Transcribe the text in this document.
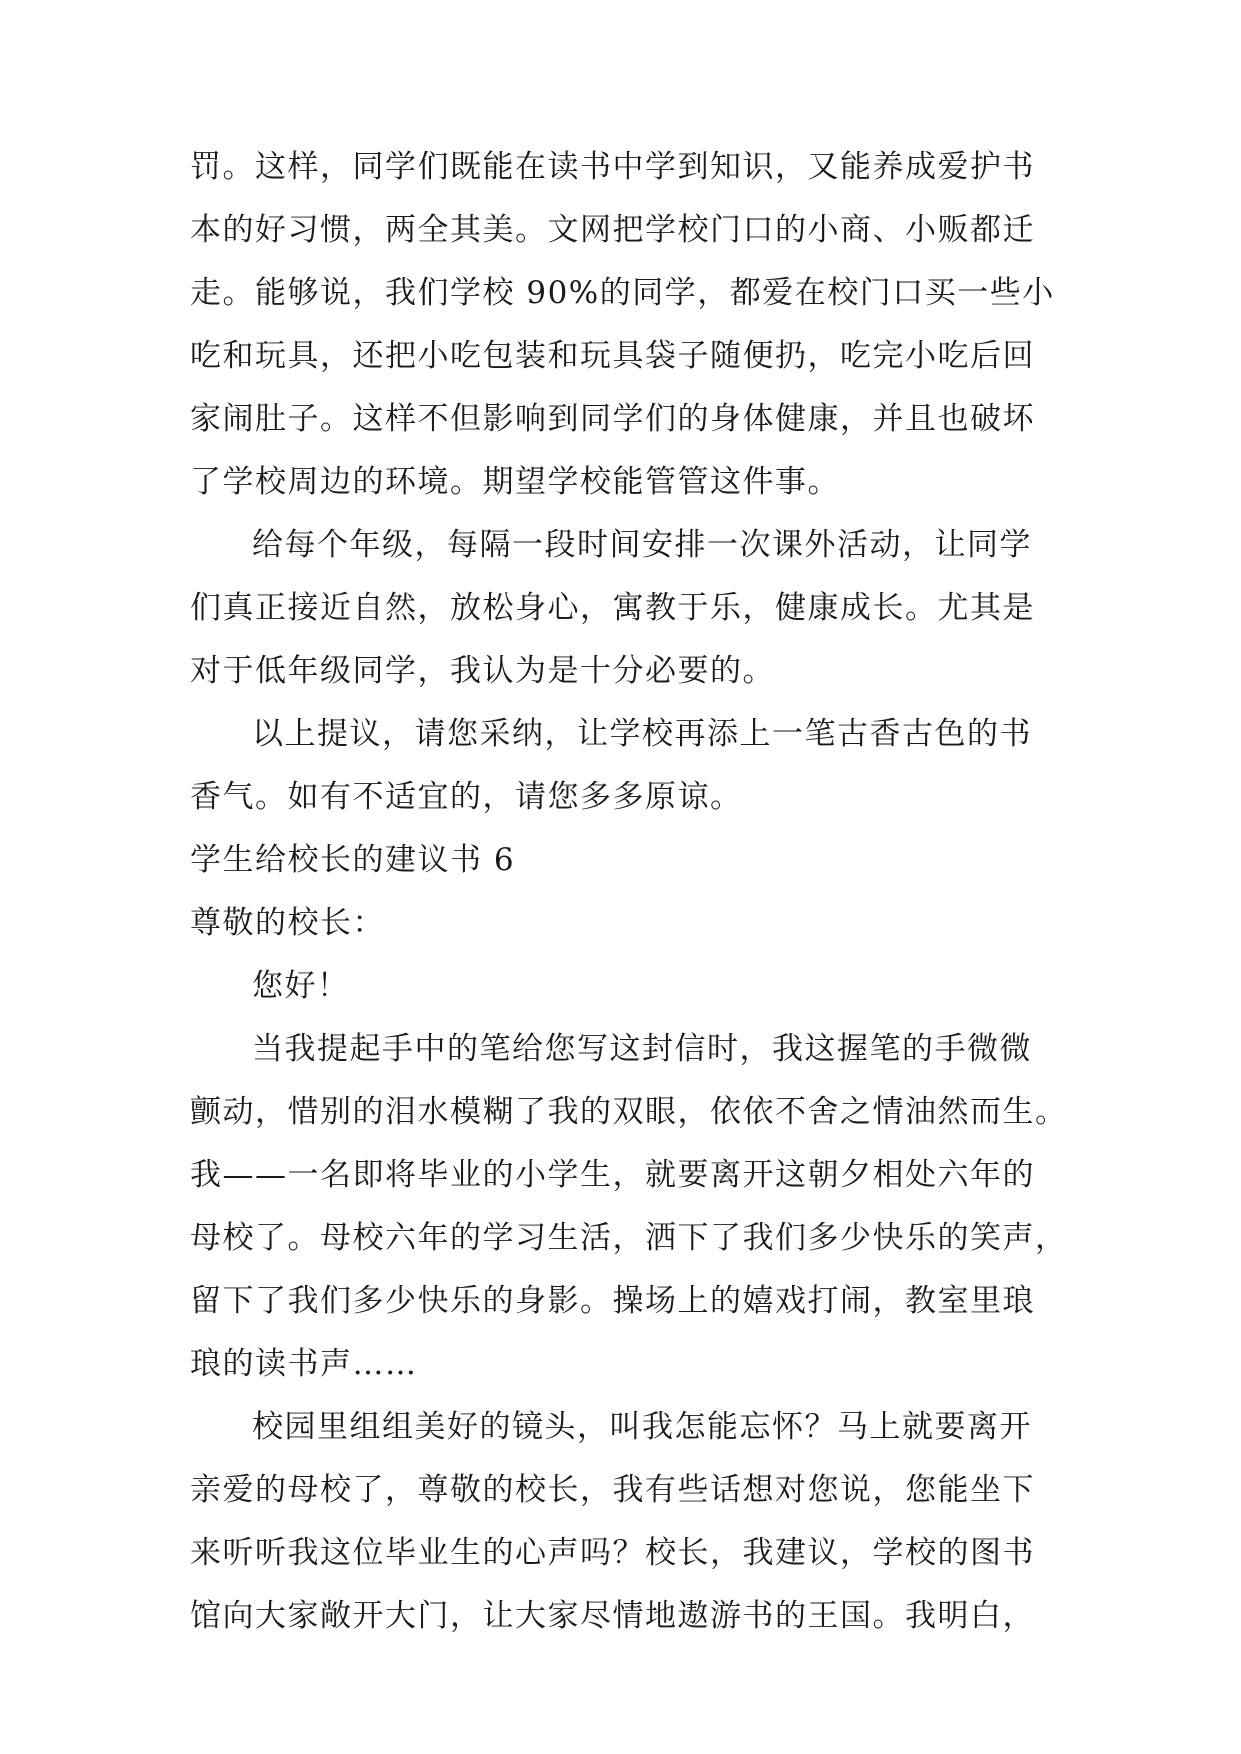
罚。这样，同学们既能在读书中学到知识，又能养成爱护书
本的好习惯，两全其美。文网把学校门口的小商、小贩都迁
走。能够说，我们学校 90%的同学，都爱在校门口买一些小
吃和玩具，还把小吃包装和玩具袋子随便扔，吃完小吃后回
家闹肚子。这样不但影响到同学们的身体健康，并且也破坏
了学校周边的环境。期望学校能管管这件事。
给每个年级，每隔一段时间安排一次课外活动，让同学
们真正接近自然，放松身心，寓教于乐，健康成长。尤其是
对于低年级同学，我认为是十分必要的。
以上提议，请您采纳，让学校再添上一笔古香古色的书
香气。如有不适宜的，请您多多原谅。
学生给校长的建议书 6
尊敬的校长：
您好！
当我提起手中的笔给您写这封信时，我这握笔的手微微
颤动，惜别的泪水模糊了我的双眼，依依不舍之情油然而生。
我——一名即将毕业的小学生，就要离开这朝夕相处六年的
母校了。母校六年的学习生活，洒下了我们多少快乐的笑声，
留下了我们多少快乐的身影。操场上的嬉戏打闹，教室里琅
琅的读书声……
校园里组组美好的镜头，叫我怎能忘怀？马上就要离开
亲爱的母校了，尊敬的校长，我有些话想对您说，您能坐下
来听听我这位毕业生的心声吗？校长，我建议，学校的图书
馆向大家敞开大门，让大家尽情地遨游书的王国。我明白，
